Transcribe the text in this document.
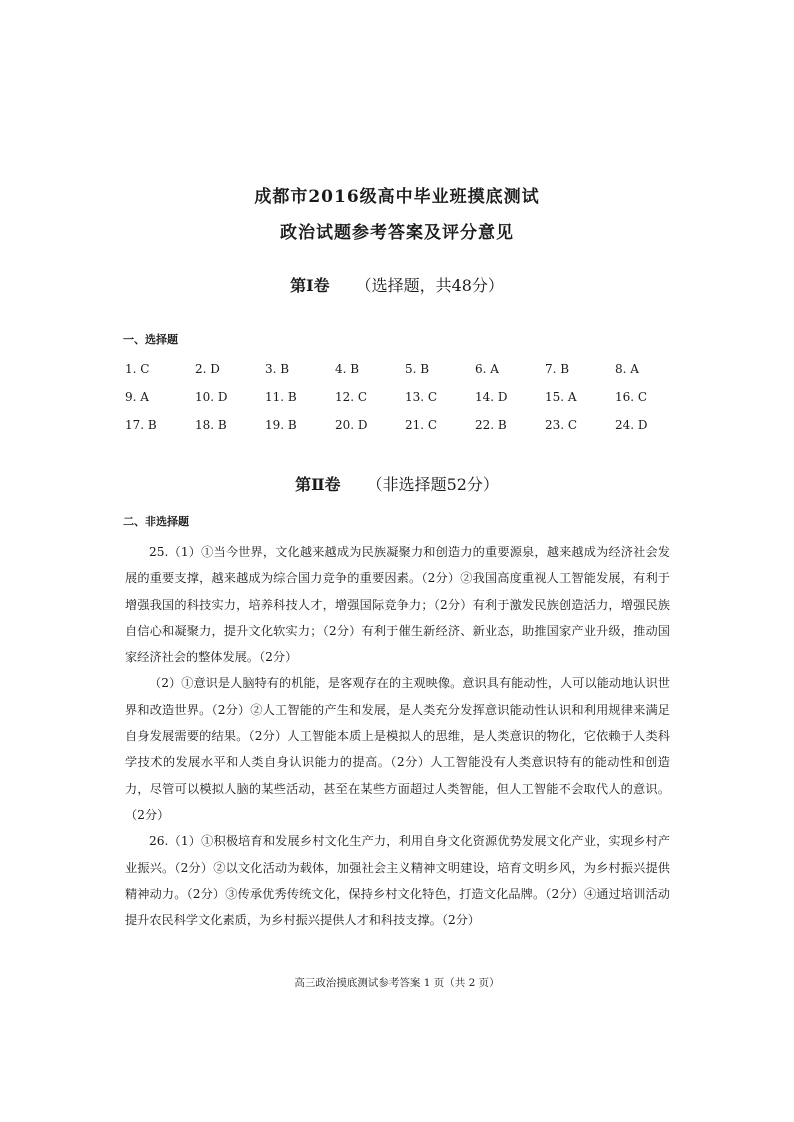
成都市2016级高中毕业班摸底测试
政治试题参考答案及评分意见
第Ⅰ卷 （选择题，共48分）
一、选择题
1. C	2. D	3. B	4. B	5. B	6. A	7. B	8. A
9. A	10. D	11. B	12. C	13. C	14. D	15. A	16. C
17. B	18. B	19. B	20. D	21. C	22. B	23. C	24. D
第Ⅱ卷 （非选择题52分）
二、非选择题

25.（1）①当今世界，文化越来越成为民族凝聚力和创造力的重要源泉，越来越成为经济社会发展的重要支撑，越来越成为综合国力竞争的重要因素。（2分）②我国高度重视人工智能发展，有利于增强我国的科技实力，培养科技人才，增强国际竞争力；（2分）有利于激发民族创造活力，增强民族自信心和凝聚力，提升文化软实力；（2分）有利于催生新经济、新业态，助推国家产业升级，推动国家经济社会的整体发展。（2分）

（2）①意识是人脑特有的机能，是客观存在的主观映像。意识具有能动性，人可以能动地认识世界和改造世界。（2分）②人工智能的产生和发展，是人类充分发挥意识能动性认识和利用规律来满足自身发展需要的结果。（2分）人工智能本质上是模拟人的思维，是人类意识的物化，它依赖于人类科学技术的发展水平和人类自身认识能力的提高。（2分）人工智能没有人类意识特有的能动性和创造力，尽管可以模拟人脑的某些活动，甚至在某些方面超过人类智能，但人工智能不会取代人的意识。（2分）

26.（1）①积极培育和发展乡村文化生产力，利用自身文化资源优势发展文化产业，实现乡村产业振兴。（2分）②以文化活动为载体，加强社会主义精神文明建设，培育文明乡风，为乡村振兴提供精神动力。（2分）③传承优秀传统文化，保持乡村文化特色，打造文化品牌。（2分）④通过培训活动提升农民科学文化素质，为乡村振兴提供人才和科技支撑。（2分）

高三政治摸底测试参考答案 1 页（共 2 页）
